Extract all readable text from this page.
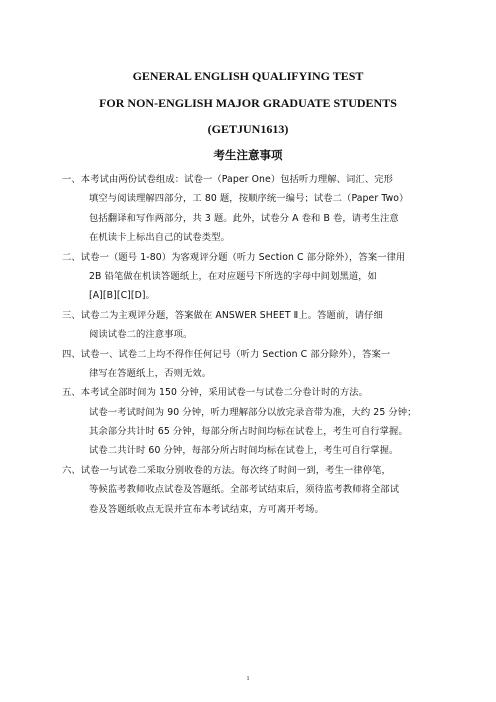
GENERAL ENGLISH QUALIFYING TEST
FOR NON-ENGLISH MAJOR GRADUATE STUDENTS
(GETJUN1613)
考生注意事项
一、本考试由两份试卷组成：试卷一（Paper One）包括听力理解、词汇、完形
填空与阅读理解四部分，工 80 题，按顺序统一编号；试卷二（Paper Two）
包括翻译和写作两部分，共 3 题。此外，试卷分 A 卷和 B 卷，请考生注意
在机读卡上标出自己的试卷类型。
二、试卷一（题号 1-80）为客观评分题（听力 Section C 部分除外），答案一律用
2B 铅笔做在机读答题纸上，在对应题号下所选的字母中间划黑道，如
[A][B][C][D]。
三、试卷二为主观评分题，答案做在 ANSWER SHEET Ⅱ上。答题前，请仔细
阅读试卷二的注意事项。
四、试卷一、试卷二上均不得作任何记号（听力 Section C 部分除外），答案一
律写在答题纸上，否则无效。
五、本考试全部时间为 150 分钟，采用试卷一与试卷二分卷计时的方法。
试卷一考试时间为 90 分钟，听力理解部分以放完录音带为准，大约 25 分钟；
其余部分共计时 65 分钟，每部分所占时间均标在试卷上，考生可自行掌握。
试卷二共计时 60 分钟，每部分所占时间均标在试卷上，考生可自行掌握。
六、试卷一与试卷二采取分别收卷的方法。每次终了时间一到，考生一律停笔，
等候监考教师收点试卷及答题纸。全部考试结束后，须待监考教师将全部试
卷及答题纸收点无误并宣布本考试结束，方可离开考场。
1
